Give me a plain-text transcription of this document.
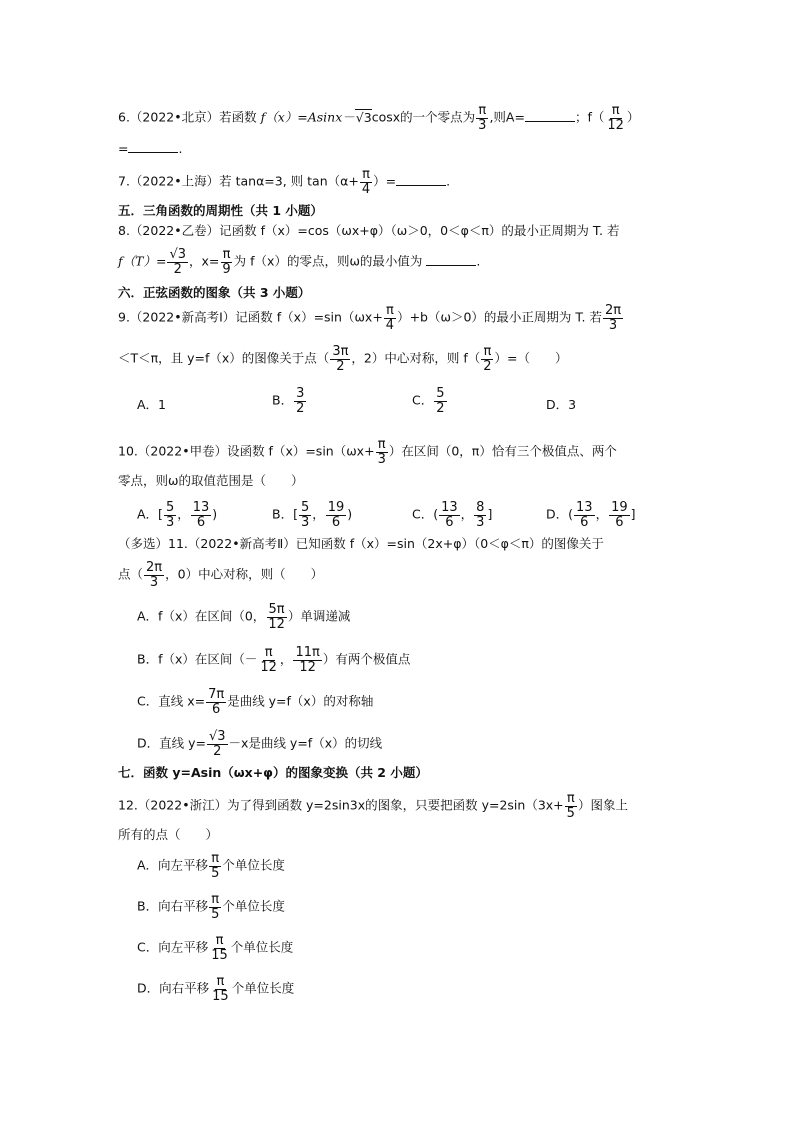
6.（2022•北京）若函数 f（x）=Asinx－√3cosx的一个零点为 $\frac{\pi}{3}$ ,则A=	；$f( \frac{\pi}{12}$ ）
=	.
7.（2022•上海）若 tanα=3, 则 $\tan(\alpha+ \frac{\pi}{4}$ ）=	.
五．三角函数的周期性（共 1 小题）
8.（2022•乙卷）记函数 f（x）=cos（ωx+φ）（ω＞0，0＜φ＜π）的最小正周期为 T. 若
$f(T)= \frac{√3}{2}$ ，$x= \frac{\pi}{9}$ 为 f（x）的零点，则ω的最小值为	.
六．正弦函数的图象（共 3 小题）
9.（2022•新高考Ⅰ）记函数 $f(x)=\sin(\omega x+ \frac{\pi}{4} )+b(\omega>0)$的最小正周期为 T. 若 $\frac{2\pi}{3}$
＜T＜π，且 y=f（x）的图像关于点（ $\frac{3\pi}{2}$ ，2）中心对称，则 $f( \frac{\pi}{2}$ ）=（　　）
A．1	B． $\frac{3}{2}$	C． $\frac{5}{2}$	D．3
10.（2022•甲卷）设函数 $f(x)=\sin(\omega x+ \frac{\pi}{3}$ ）在区间（0，π）恰有三个极值点、两个
零点，则ω的取值范围是（　　）
A．[ $\frac{5}{3}$ ， $\frac{13}{6}$ )	B．[ $\frac{5}{3}$ ， $\frac{19}{6}$ )	C．( $\frac{13}{6}$ ， $\frac{8}{3}$ ]	D．( $\frac{13}{6}$ ， $\frac{19}{6}$ ]
（多选）11.（2022•新高考Ⅱ）已知函数 f（x）=sin（2x+φ）（0＜φ＜π）的图像关于
点（ $\frac{2\pi}{3}$ ，0）中心对称，则（　　）
A．f（x）在区间（0， $\frac{5\pi}{12}$ ）单调递减
B．f（x）在区间（－ $\frac{\pi}{12}$ ， $\frac{11\pi}{12}$ ）有两个极值点
C．直线 $x= \frac{7\pi}{6}$ 是曲线 y=f（x）的对称轴
D．直线 $y= \frac{√3}{2} -x$是曲线 y=f（x）的切线
七．函数 y=Asin（ωx+φ）的图象变换（共 2 小题）
12.（2022•浙江）为了得到函数 y=2sin3x的图象，只要把函数 $y=2\sin(3x+ \frac{\pi}{5}$ ）图象上
所有的点（　　）
A．向左平移 $\frac{\pi}{5}$ 个单位长度
B．向右平移 $\frac{\pi}{5}$ 个单位长度
C．向左平移 $\frac{\pi}{15}$ 个单位长度
D．向右平移 $\frac{\pi}{15}$ 个单位长度
